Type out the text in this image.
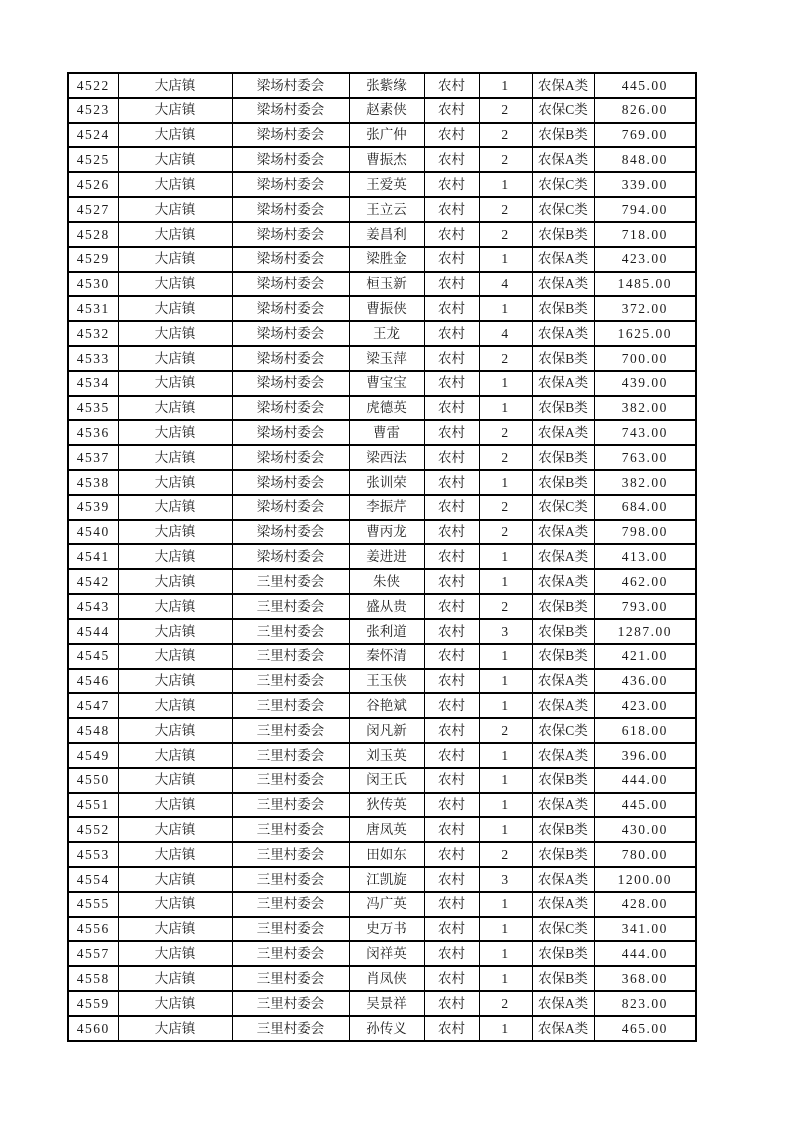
4522	大店镇	梁场村委会	张紫缘	农村	1	农保A类	445.00
4523	大店镇	梁场村委会	赵素侠	农村	2	农保C类	826.00
4524	大店镇	梁场村委会	张广仲	农村	2	农保B类	769.00
4525	大店镇	梁场村委会	曹振杰	农村	2	农保A类	848.00
4526	大店镇	梁场村委会	王爱英	农村	1	农保C类	339.00
4527	大店镇	梁场村委会	王立云	农村	2	农保C类	794.00
4528	大店镇	梁场村委会	姜昌利	农村	2	农保B类	718.00
4529	大店镇	梁场村委会	梁胜金	农村	1	农保A类	423.00
4530	大店镇	梁场村委会	桓玉新	农村	4	农保A类	1485.00
4531	大店镇	梁场村委会	曹振侠	农村	1	农保B类	372.00
4532	大店镇	梁场村委会	王龙	农村	4	农保A类	1625.00
4533	大店镇	梁场村委会	梁玉萍	农村	2	农保B类	700.00
4534	大店镇	梁场村委会	曹宝宝	农村	1	农保A类	439.00
4535	大店镇	梁场村委会	虎德英	农村	1	农保B类	382.00
4536	大店镇	梁场村委会	曹雷	农村	2	农保A类	743.00
4537	大店镇	梁场村委会	梁西法	农村	2	农保B类	763.00
4538	大店镇	梁场村委会	张训荣	农村	1	农保B类	382.00
4539	大店镇	梁场村委会	李振芹	农村	2	农保C类	684.00
4540	大店镇	梁场村委会	曹丙龙	农村	2	农保A类	798.00
4541	大店镇	梁场村委会	姜进进	农村	1	农保A类	413.00
4542	大店镇	三里村委会	朱侠	农村	1	农保A类	462.00
4543	大店镇	三里村委会	盛从贵	农村	2	农保B类	793.00
4544	大店镇	三里村委会	张利道	农村	3	农保B类	1287.00
4545	大店镇	三里村委会	秦怀清	农村	1	农保B类	421.00
4546	大店镇	三里村委会	王玉侠	农村	1	农保A类	436.00
4547	大店镇	三里村委会	谷艳斌	农村	1	农保A类	423.00
4548	大店镇	三里村委会	闵凡新	农村	2	农保C类	618.00
4549	大店镇	三里村委会	刘玉英	农村	1	农保A类	396.00
4550	大店镇	三里村委会	闵王氏	农村	1	农保B类	444.00
4551	大店镇	三里村委会	狄传英	农村	1	农保A类	445.00
4552	大店镇	三里村委会	唐凤英	农村	1	农保B类	430.00
4553	大店镇	三里村委会	田如东	农村	2	农保B类	780.00
4554	大店镇	三里村委会	江凯旋	农村	3	农保A类	1200.00
4555	大店镇	三里村委会	冯广英	农村	1	农保A类	428.00
4556	大店镇	三里村委会	史万书	农村	1	农保C类	341.00
4557	大店镇	三里村委会	闵祥英	农村	1	农保B类	444.00
4558	大店镇	三里村委会	肖凤侠	农村	1	农保B类	368.00
4559	大店镇	三里村委会	吴景祥	农村	2	农保A类	823.00
4560	大店镇	三里村委会	孙传义	农村	1	农保A类	465.00
